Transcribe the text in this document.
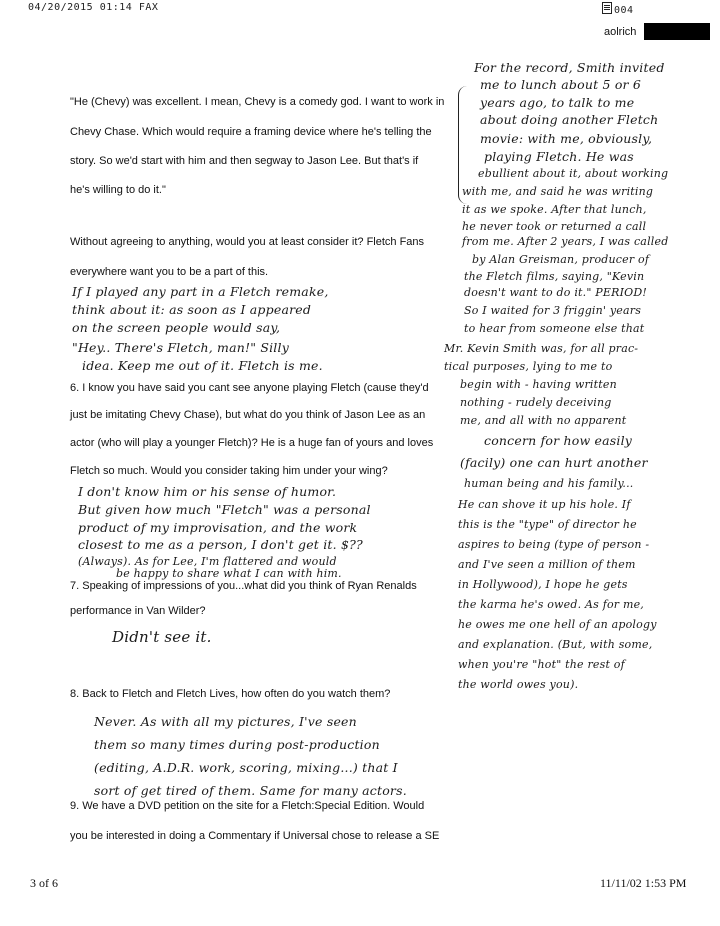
04/20/2015 01:14 FAX	004
aolrich
"He (Chevy) was excellent. I mean, Chevy is a comedy god. I want to work in
Chevy Chase. Which would require a framing device where he's telling the
story. So we'd start with him and then segway to Jason Lee. But that's if
he's willing to do it."
Without agreeing to anything, would you at least consider it? Fletch Fans
everywhere want you to be a part of this.
6. I know you have said you cant see anyone playing Fletch (cause they'd
just be imitating Chevy Chase), but what do you think of Jason Lee as an
actor (who will play a younger Fletch)? He is a huge fan of yours and loves
Fletch so much. Would you consider taking him under your wing?
7. Speaking of impressions of you...what did you think of Ryan Renalds
performance in Van Wilder?
8. Back to Fletch and Fletch Lives, how often do you watch them?
9. We have a DVD petition on the site for a Fletch:Special Edition. Would
you be interested in doing a Commentary if Universal chose to release a SE
If I played any part in a Fletch remake,
think about it: as soon as I appeared
on the screen people would say,
"Hey.. There's Fletch, man!" Silly
idea. Keep me out of it. Fletch is me.
I don't know him or his sense of humor.
But given how much "Fletch" was a personal
product of my improvisation, and the work
closest to me as a person, I don't get it. $??
(Always). As for Lee, I'm flattered and would
be happy to share what I can with him.
Didn't see it.
Never. As with all my pictures, I've seen
them so many times during post-production
(editing, A.D.R. work, scoring, mixing...) that I
sort of get tired of them. Same for many actors.
For the record, Smith invited
me to lunch about 5 or 6
years ago, to talk to me
about doing another Fletch
movie: with me, obviously,
playing Fletch. He was
ebullient about it, about working
with me, and said he was writing
it as we spoke. After that lunch,
he never took or returned a call
from me. After 2 years, I was called
by Alan Greisman, producer of
the Fletch films, saying, "Kevin
doesn't want to do it." PERIOD!
So I waited for 3 friggin' years
to hear from someone else that
Mr. Kevin Smith was, for all prac-
tical purposes, lying to me to
begin with - having written
nothing - rudely deceiving
me, and all with no apparent
concern for how easily
(facily) one can hurt another
human being and his family...
He can shove it up his hole. If
this is the "type" of director he
aspires to being (type of person -
and I've seen a million of them
in Hollywood), I hope he gets
the karma he's owed. As for me,
he owes me one hell of an apology
and explanation. (But, with some,
when you're "hot" the rest of
the world owes you).
3 of 6	11/11/02 1:53 PM
